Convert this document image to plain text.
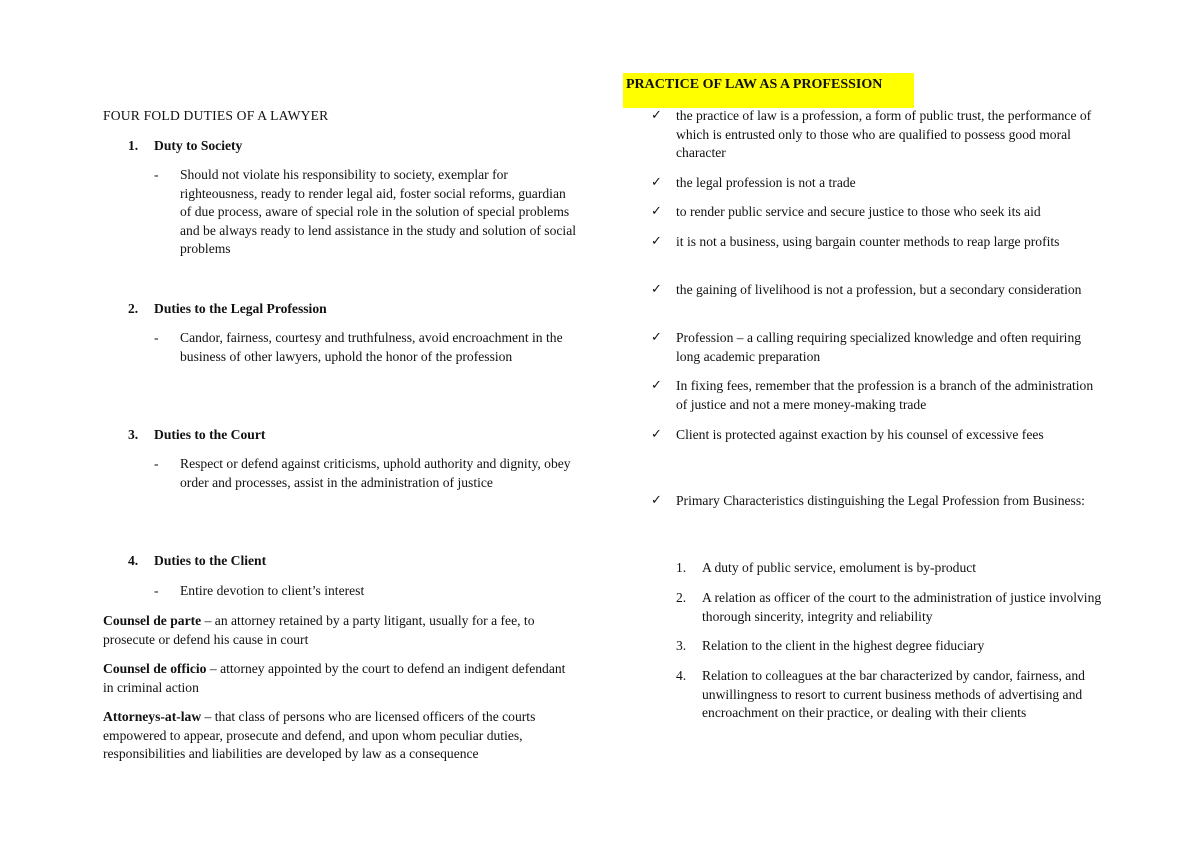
FOUR FOLD DUTIES OF A LAWYER
1.	Duty to Society
- Should not violate his responsibility to society, exemplar for righteousness, ready to render legal aid, foster social reforms, guardian of due process, aware of special role in the solution of special problems and be always ready to lend assistance in the study and solution of social problems
2.	Duties to the Legal Profession
- Candor, fairness, courtesy and truthfulness, avoid encroachment in the business of other lawyers, uphold the honor of the profession
3.	Duties to the Court
- Respect or defend against criticisms, uphold authority and dignity, obey order and processes, assist in the administration of justice
4.	Duties to the Client
- Entire devotion to client’s interest
Counsel de parte – an attorney retained by a party litigant, usually for a fee, to prosecute or defend his cause in court
Counsel de officio – attorney appointed by the court to defend an indigent defendant in criminal action
Attorneys-at-law – that class of persons who are licensed officers of the courts empowered to appear, prosecute and defend, and upon whom peculiar duties, responsibilities and liabilities are developed by law as a consequence
PRACTICE OF LAW AS A PROFESSION
✓ the practice of law is a profession, a form of public trust, the performance of which is entrusted only to those who are qualified to possess good moral character
✓ the legal profession is not a trade
✓ to render public service and secure justice to those who seek its aid
✓ it is not a business, using bargain counter methods to reap large profits
✓ the gaining of livelihood is not a profession, but a secondary consideration
✓ Profession – a calling requiring specialized knowledge and often requiring long academic preparation
✓ In fixing fees, remember that the profession is a branch of the administration of justice and not a mere money-making trade
✓ Client is protected against exaction by his counsel of excessive fees
✓ Primary Characteristics distinguishing the Legal Profession from Business:
1.	A duty of public service, emolument is by-product
2.	A relation as officer of the court to the administration of justice involving thorough sincerity, integrity and reliability
3.	Relation to the client in the highest degree fiduciary
4.	Relation to colleagues at the bar characterized by candor, fairness, and unwillingness to resort to current business methods of advertising and encroachment on their practice, or dealing with their clients
